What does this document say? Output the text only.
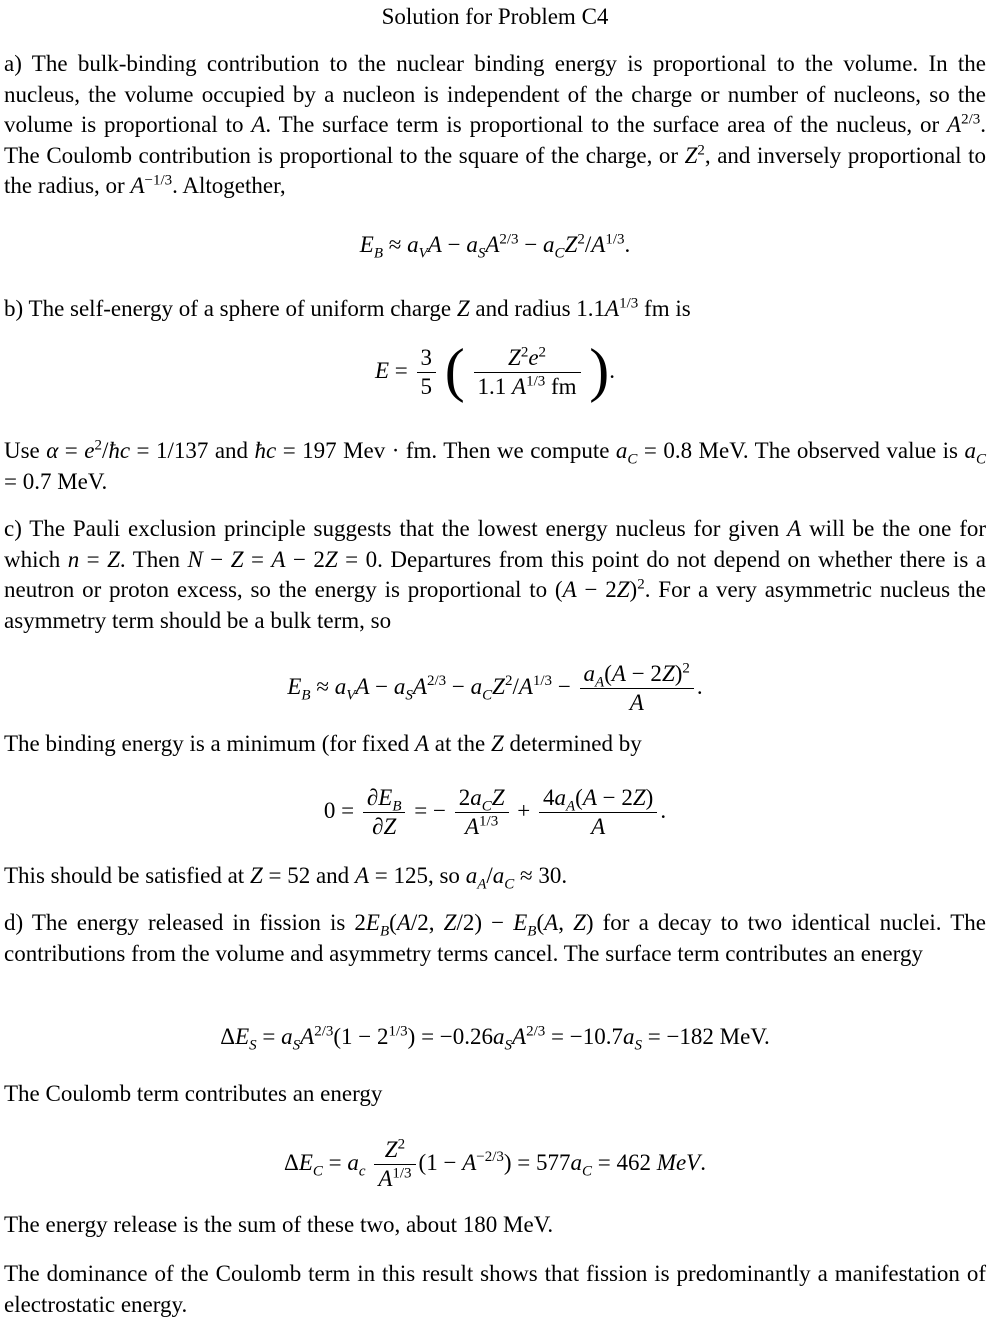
Solution for Problem C4
a) The bulk-binding contribution to the nuclear binding energy is proportional to the volume. In the nucleus, the volume occupied by a nucleon is independent of the charge or number of nucleons, so the volume is proportional to A. The surface term is proportional to the surface area of the nucleus, or $A^{2/3}$. The Coulomb contribution is proportional to the square of the charge, or $Z^2$, and inversely proportional to the radius, or $A^{-1/3}$. Altogether,
$E_B \approx a_VA - a_SA^{2/3} - a_CZ^2/A^{1/3}$.
b) The self-energy of a sphere of uniform charge Z and radius $1.1A^{1/3}$ fm is
$E = \frac{3}{5}$ ( $\frac{Z^2e^2}{1.1 A^{1/3} fm}$ ).
Use $\alpha = e^2/ħc = 1/137$ and ħc = 197 Mev · fm. Then we compute $a_C = 0.8$ MeV. The observed value is $a_C = 0.7$ MeV.
c) The Pauli exclusion principle suggests that the lowest energy nucleus for given A will be the one for which n = Z. Then N − Z = A − 2Z = 0. Departures from this point do not depend on whether there is a neutron or proton excess, so the energy is proportional to $(A - 2Z)^2$. For a very asymmetric nucleus the asymmetry term should be a bulk term, so
$E_B \approx a_VA - a_SA^{2/3} - a_CZ^2/A^{1/3} - \frac{a_A(A - 2Z)^2}{A}$ .
The binding energy is a minimum (for fixed A at the Z determined by
$0 = \frac{\partial E_B}{\partial Z}$ = − $\frac{2a_CZ}{A^{1/3}} + \frac{4a_A(A - 2Z)}{A}$ .
This should be satisfied at Z = 52 and A = 125, so $a_A/a_C \approx 30$.
d) The energy released in fission is $2E_B(A/2$, $Z/2) - E_B(A$, Z) for a decay to two identical nuclei. The contributions from the volume and asymmetry terms cancel. The surface term contributes an energy
$\Delta E_S = a_SA^{2/3}(1 - 2^{1/3}) = -0.26a_SA^{2/3} = -10.7a_S = -182$ MeV.
The Coulomb term contributes an energy
$\Delta E_C = a_c \frac{Z^2}{A^{1/3}} (1 - A^{-2/3}) = 577a_C = 462$ MeV.
The energy release is the sum of these two, about 180 MeV.
The dominance of the Coulomb term in this result shows that fission is predominantly a manifestation of electrostatic energy.
